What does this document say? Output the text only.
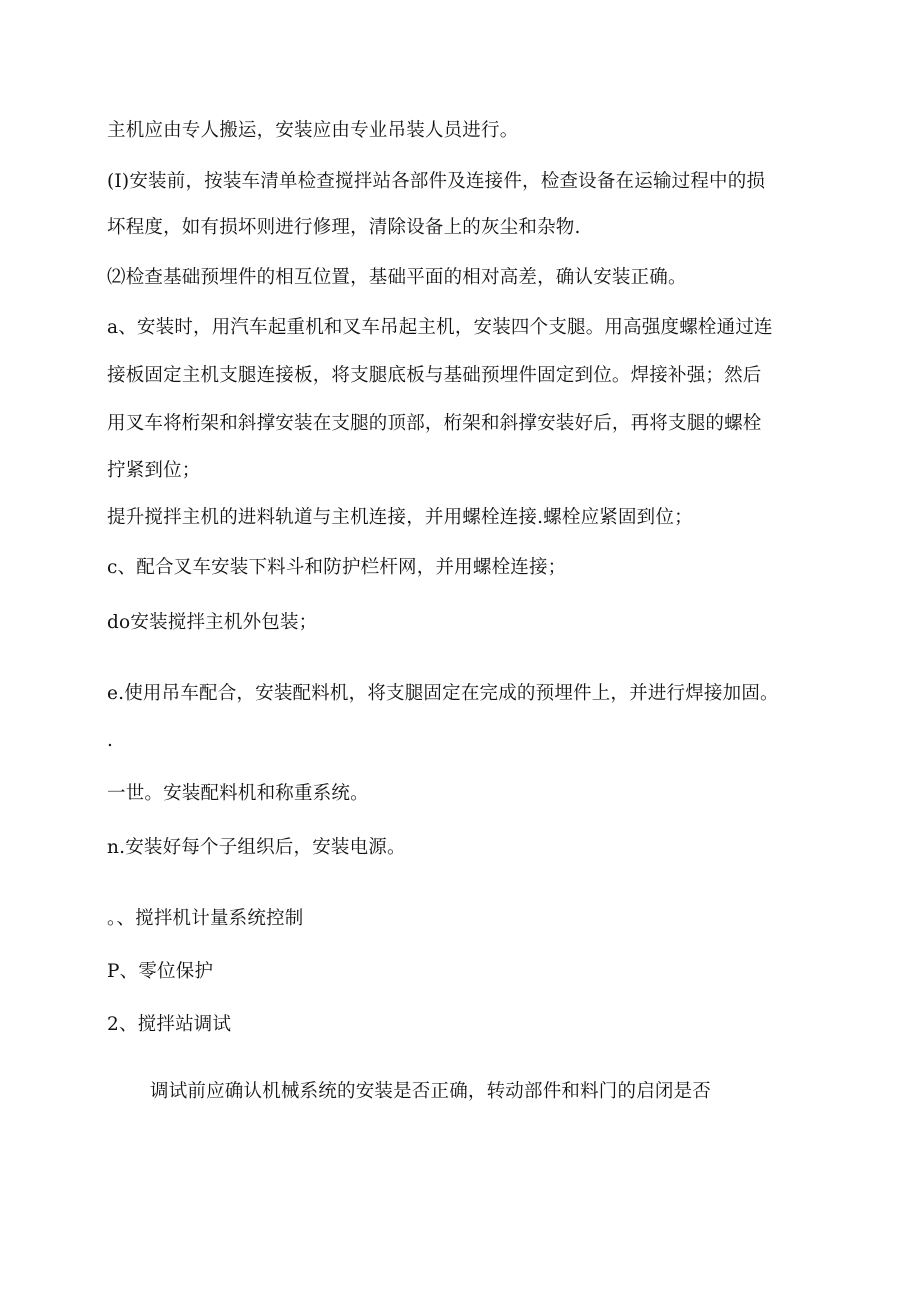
主机应由专人搬运，安装应由专业吊装人员进行。
(I)安装前，按装车清单检查搅拌站各部件及连接件，检查设备在运输过程中的损
坏程度，如有损坏则进行修理，清除设备上的灰尘和杂物.
⑵检查基础预埋件的相互位置，基础平面的相对高差，确认安装正确。
a、安装时，用汽车起重机和叉车吊起主机，安装四个支腿。用高强度螺栓通过连
接板固定主机支腿连接板，将支腿底板与基础预埋件固定到位。焊接补强；然后
用叉车将桁架和斜撑安装在支腿的顶部，桁架和斜撑安装好后，再将支腿的螺栓
拧紧到位；
提升搅拌主机的进料轨道与主机连接，并用螺栓连接.螺栓应紧固到位；
c、配合叉车安装下料斗和防护栏杆网，并用螺栓连接；
do安装搅拌主机外包装；
e.使用吊车配合，安装配料机，将支腿固定在完成的预埋件上，并进行焊接加固。
.
一世。安装配料机和称重系统。
n.安装好每个子组织后，安装电源。
。、搅拌机计量系统控制
P、零位保护
2、搅拌站调试
调试前应确认机械系统的安装是否正确，转动部件和料门的启闭是否
